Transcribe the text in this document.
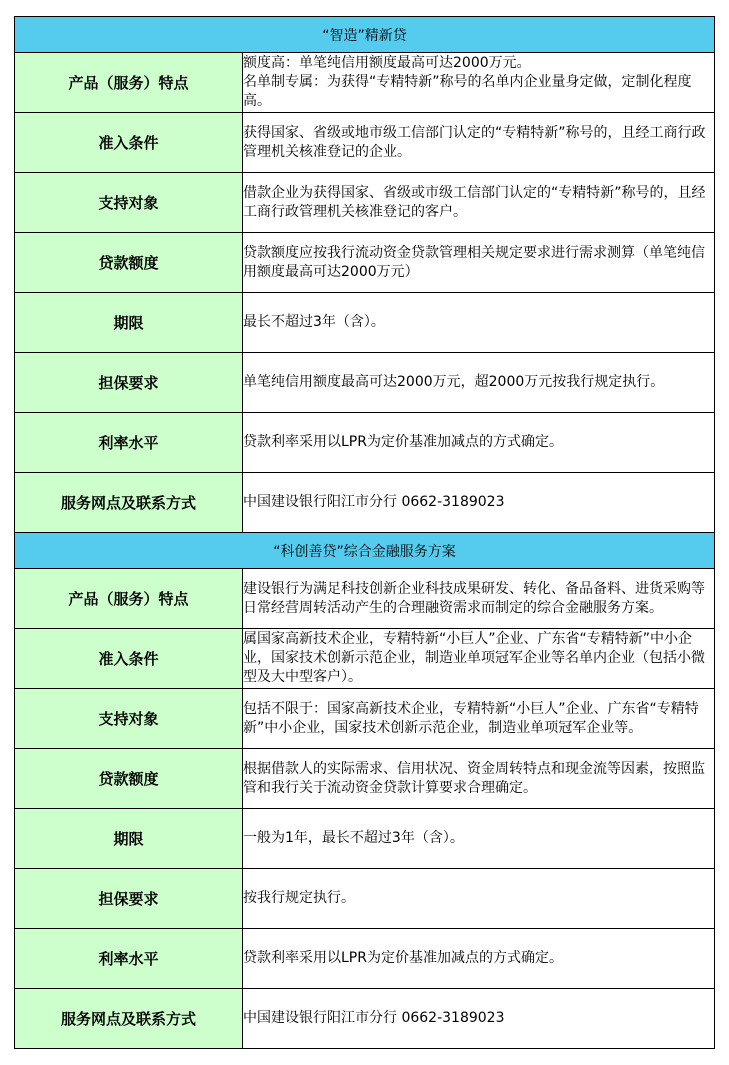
“智造”精新贷	
产品（服务）特点	额度高：单笔纯信用额度最高可达2000万元。
名单制专属：为获得“专精特新”称号的名单内企业量身定做，定制化程度高。

准入条件	获得国家、省级或地市级工信部门认定的“专精特新”称号的，且经工商行政管理机关核准登记的企业。

支持对象	借款企业为获得国家、省级或市级工信部门认定的“专精特新”称号的，且经工商行政管理机关核准登记的客户。

贷款额度	贷款额度应按我行流动资金贷款管理相关规定要求进行需求测算（单笔纯信用额度最高可达2000万元）

期限	最长不超过3年（含）。

担保要求	单笔纯信用额度最高可达2000万元，超2000万元按我行规定执行。

利率水平	贷款利率采用以LPR为定价基准加减点的方式确定。

服务网点及联系方式	中国建设银行阳江市分行 0662-3189023

“科创善贷”综合金融服务方案	
产品（服务）特点	建设银行为满足科技创新企业科技成果研发、转化、备品备料、进货采购等日常经营周转活动产生的合理融资需求而制定的综合金融服务方案。

准入条件	属国家高新技术企业，专精特新“小巨人”企业、广东省“专精特新”中小企业，国家技术创新示范企业，制造业单项冠军企业等名单内企业（包括小微型及大中型客户）。

支持对象	包括不限于：国家高新技术企业，专精特新“小巨人”企业、广东省“专精特新”中小企业，国家技术创新示范企业，制造业单项冠军企业等。

贷款额度	根据借款人的实际需求、信用状况、资金周转特点和现金流等因素，按照监管和我行关于流动资金贷款计算要求合理确定。

期限	一般为1年，最长不超过3年（含）。

担保要求	按我行规定执行。

利率水平	贷款利率采用以LPR为定价基准加减点的方式确定。

服务网点及联系方式	中国建设银行阳江市分行 0662-3189023
